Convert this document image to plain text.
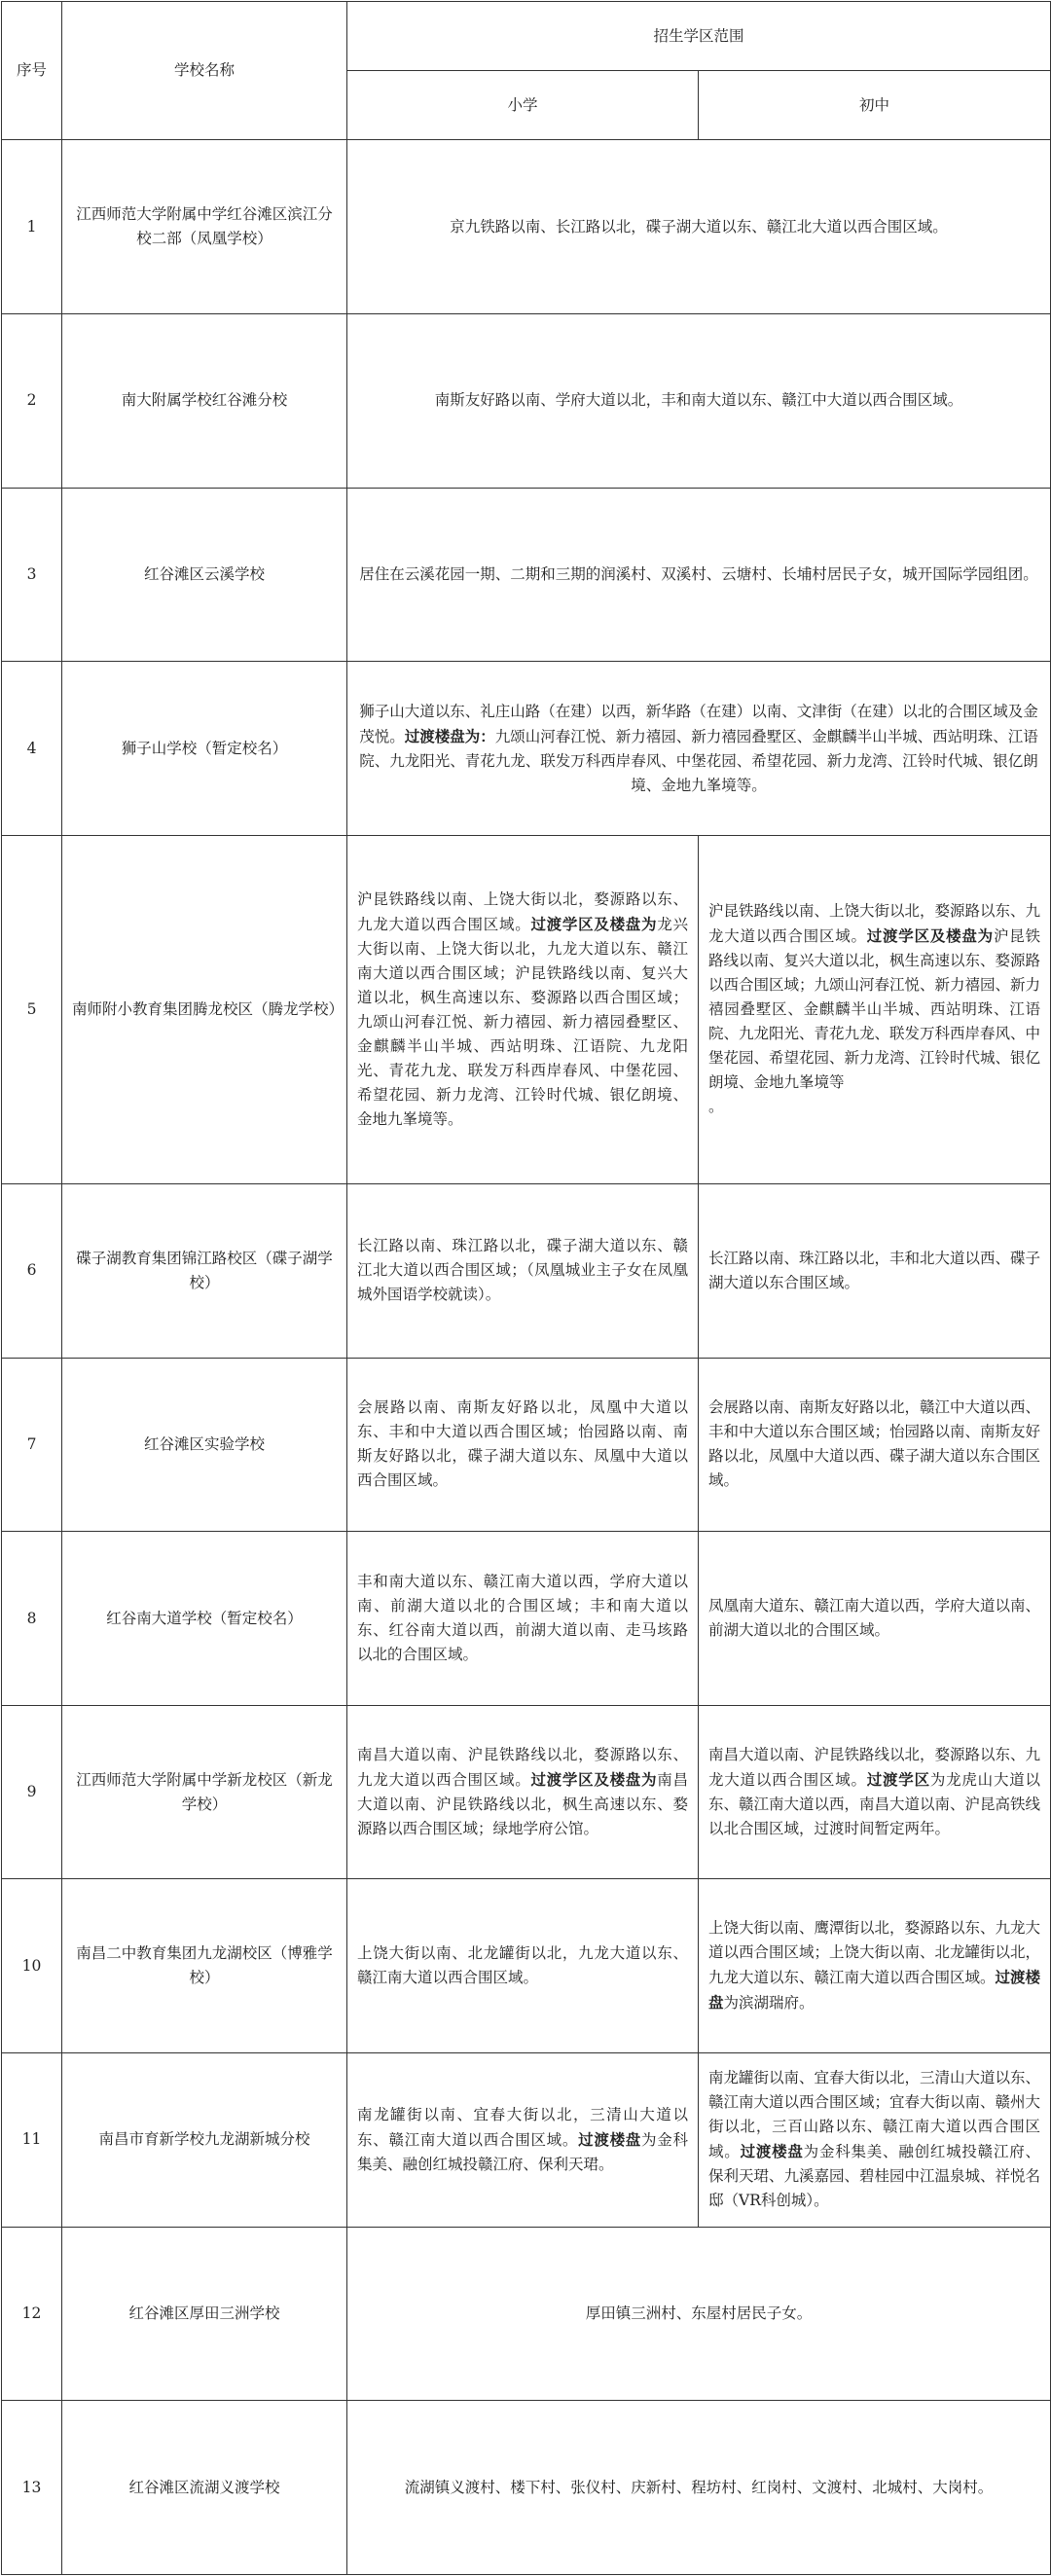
序号	学校名称	招生学区范围	
		小学	初中
1	江西师范大学附属中学红谷滩区滨江分校二部（凤凰学校）	京九铁路以南、长江路以北，碟子湖大道以东、赣江北大道以西合围区域。	
2	南大附属学校红谷滩分校	南斯友好路以南、学府大道以北，丰和南大道以东、赣江中大道以西合围区域。	
3	红谷滩区云溪学校	居住在云溪花园一期、二期和三期的润溪村、双溪村、云塘村、长埔村居民子女，城开国际学园组团。	
4	狮子山学校（暂定校名）	狮子山大道以东、礼庄山路（在建）以西，新华路（在建）以南、文津街（在建）以北的合围区域及金茂悦。过渡楼盘为：九颂山河春江悦、新力禧园、新力禧园叠墅区、金麒麟半山半城、西站明珠、江语院、九龙阳光、青花九龙、联发万科西岸春风、中堡花园、希望花园、新力龙湾、江铃时代城、银亿朗境、金地九峯境等。	
5	南师附小教育集团腾龙校区（腾龙学校）	沪昆铁路线以南、上饶大街以北，婺源路以东、九龙大道以西合围区域。过渡学区及楼盘为龙兴大街以南、上饶大街以北，九龙大道以东、赣江南大道以西合围区域；沪昆铁路线以南、复兴大道以北，枫生高速以东、婺源路以西合围区域；九颂山河春江悦、新力禧园、新力禧园叠墅区、金麒麟半山半城、西站明珠、江语院、九龙阳光、青花九龙、联发万科西岸春风、中堡花园、希望花园、新力龙湾、江铃时代城、银亿朗境、金地九峯境等。	沪昆铁路线以南、上饶大街以北，婺源路以东、九龙大道以西合围区域。过渡学区及楼盘为沪昆铁路线以南、复兴大道以北，枫生高速以东、婺源路以西合围区域；九颂山河春江悦、新力禧园、新力禧园叠墅区、金麒麟半山半城、西站明珠、江语院、九龙阳光、青花九龙、联发万科西岸春风、中堡花园、希望花园、新力龙湾、江铃时代城、银亿朗境、金地九峯境等

。

6	碟子湖教育集团锦江路校区（碟子湖学校）	长江路以南、珠江路以北，碟子湖大道以东、赣江北大道以西合围区域；（凤凰城业主子女在凤凰城外国语学校就读）。	长江路以南、珠江路以北，丰和北大道以西、碟子湖大道以东合围区域。
7	红谷滩区实验学校	会展路以南、南斯友好路以北，凤凰中大道以东、丰和中大道以西合围区域；怡园路以南、南斯友好路以北，碟子湖大道以东、凤凰中大道以西合围区域。	会展路以南、南斯友好路以北，赣江中大道以西、丰和中大道以东合围区域；怡园路以南、南斯友好路以北，凤凰中大道以西、碟子湖大道以东合围区域。
8	红谷南大道学校（暂定校名）	丰和南大道以东、赣江南大道以西，学府大道以南、前湖大道以北的合围区域；丰和南大道以东、红谷南大道以西，前湖大道以南、走马垓路以北的合围区域。	凤凰南大道东、赣江南大道以西，学府大道以南、前湖大道以北的合围区域。
9	江西师范大学附属中学新龙校区（新龙学校）	南昌大道以南、沪昆铁路线以北，婺源路以东、九龙大道以西合围区域。过渡学区及楼盘为南昌大道以南、沪昆铁路线以北，枫生高速以东、婺源路以西合围区域；绿地学府公馆。	南昌大道以南、沪昆铁路线以北，婺源路以东、九龙大道以西合围区域。过渡学区为龙虎山大道以东、赣江南大道以西，南昌大道以南、沪昆高铁线以北合围区域，过渡时间暂定两年。
10	南昌二中教育集团九龙湖校区（博雅学校）	上饶大街以南、北龙罐街以北，九龙大道以东、赣江南大道以西合围区域。	上饶大街以南、鹰潭街以北，婺源路以东、九龙大道以西合围区域；上饶大街以南、北龙罐街以北，九龙大道以东、赣江南大道以西合围区域。过渡楼盘为滨湖瑞府。
11	南昌市育新学校九龙湖新城分校	南龙罐街以南、宜春大街以北，三清山大道以东、赣江南大道以西合围区域。过渡楼盘为金科集美、融创红城投赣江府、保利天珺。	南龙罐街以南、宜春大街以北，三清山大道以东、赣江南大道以西合围区域；宜春大街以南、赣州大街以北，三百山路以东、赣江南大道以西合围区域。过渡楼盘为金科集美、融创红城投赣江府、保利天珺、九溪嘉园、碧桂园中江温泉城、祥悦名邸（VR科创城）。
12	红谷滩区厚田三洲学校	厚田镇三洲村、东屋村居民子女。	
13	红谷滩区流湖义渡学校	流湖镇义渡村、楼下村、张仪村、庆新村、程坊村、红岗村、文渡村、北城村、大岗村。	
